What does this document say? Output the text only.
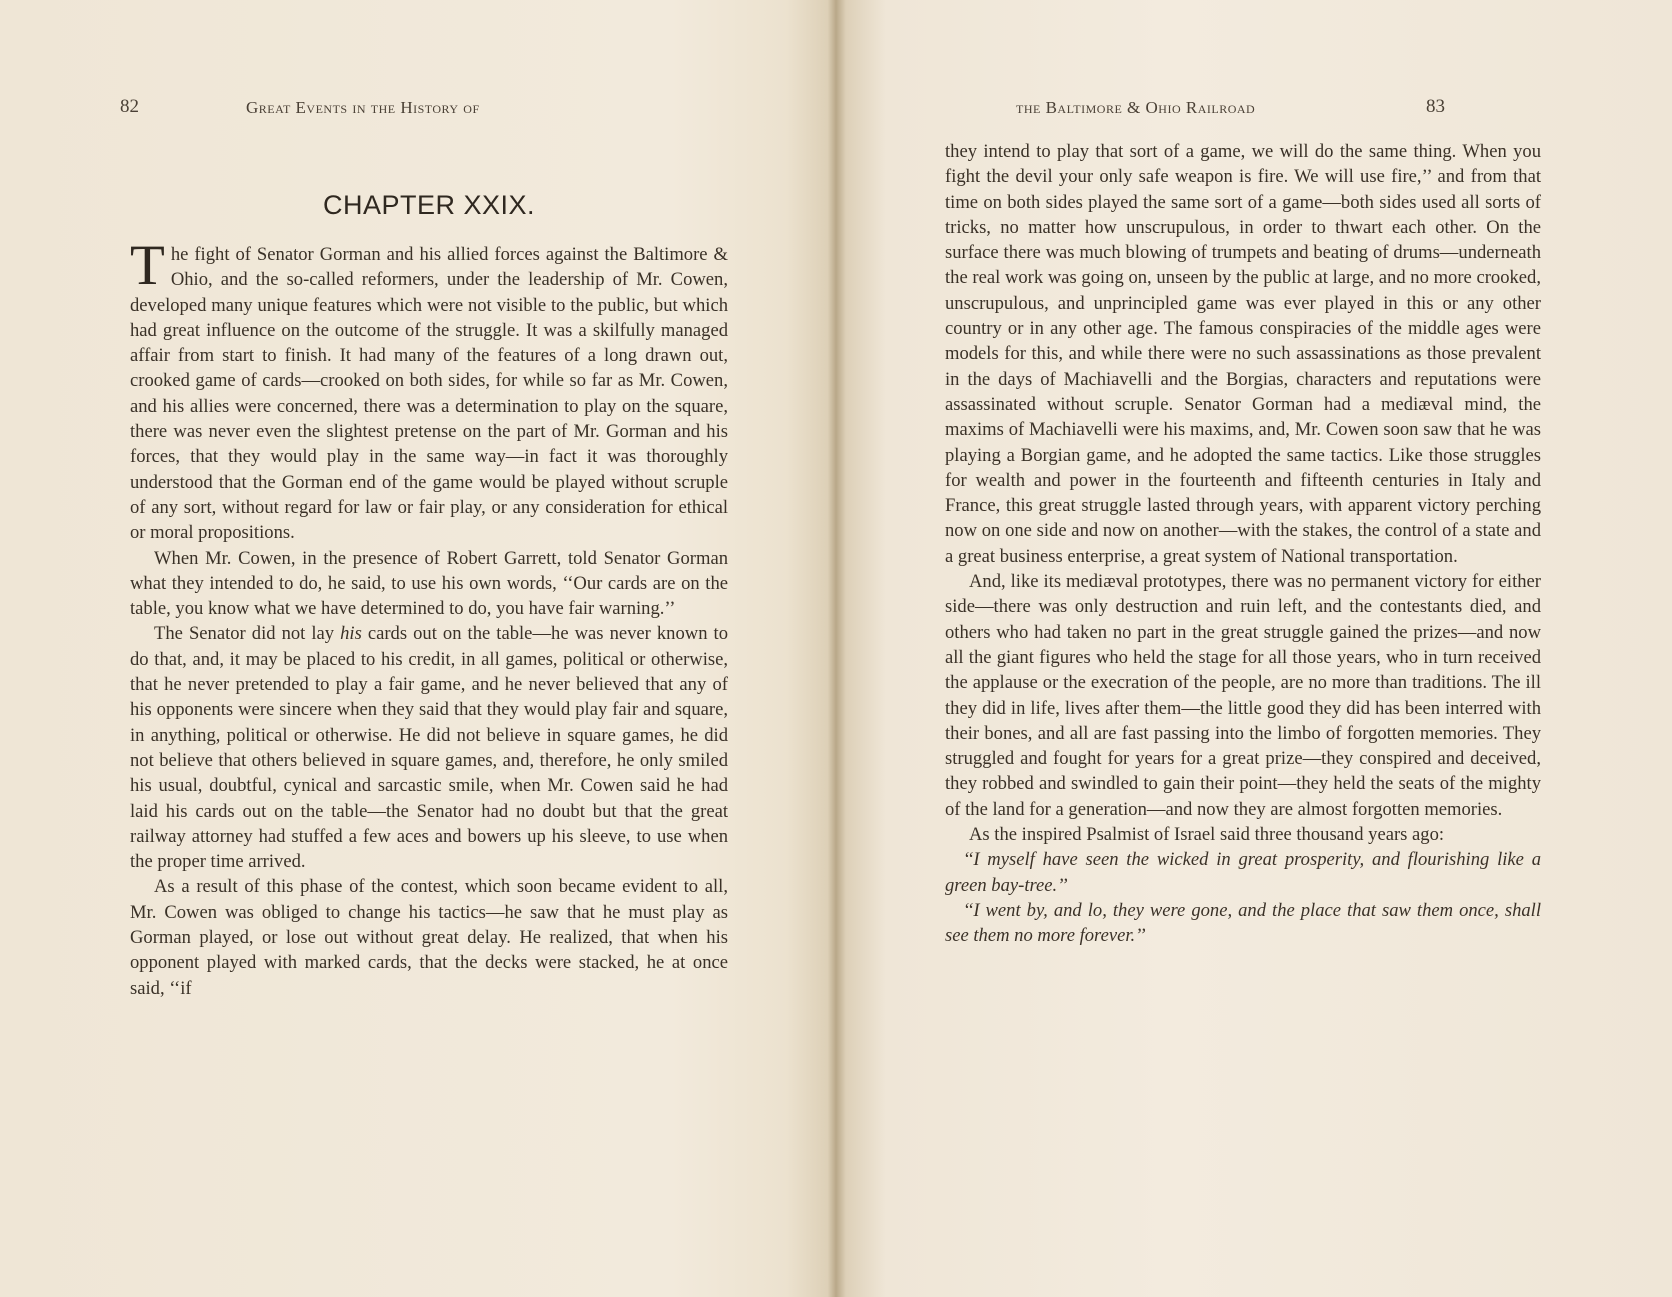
82	Great Events in the History of
CHAPTER XXIX.

The fight of Senator Gorman and his allied forces against the Baltimore & Ohio, and the so-called reformers, under the leadership of Mr. Cowen, developed many unique features which were not visible to the public, but which had great influence on the outcome of the struggle. It was a skilfully managed affair from start to finish. It had many of the features of a long drawn out, crooked game of cards—crooked on both sides, for while so far as Mr. Cowen, and his allies were concerned, there was a determination to play on the square, there was never even the slightest pretense on the part of Mr. Gorman and his forces, that they would play in the same way—in fact it was thoroughly understood that the Gorman end of the game would be played without scruple of any sort, without regard for law or fair play, or any consideration for ethical or moral propositions.

When Mr. Cowen, in the presence of Robert Garrett, told Senator Gorman what they intended to do, he said, to use his own words, ‘‘Our cards are on the table, you know what we have determined to do, you have fair warning.’’

The Senator did not lay his cards out on the table—he was never known to do that, and, it may be placed to his credit, in all games, political or otherwise, that he never pretended to play a fair game, and he never believed that any of his opponents were sincere when they said that they would play fair and square, in anything, political or otherwise. He did not believe in square games, he did not believe that others believed in square games, and, therefore, he only smiled his usual, doubtful, cynical and sarcastic smile, when Mr. Cowen said he had laid his cards out on the table—the Senator had no doubt but that the great railway attorney had stuffed a few aces and bowers up his sleeve, to use when the proper time arrived.

As a result of this phase of the contest, which soon became evident to all, Mr. Cowen was obliged to change his tactics—he saw that he must play as Gorman played, or lose out without great delay. He realized, that when his opponent played with marked cards, that the decks were stacked, he at once said, ‘‘if

the Baltimore & Ohio Railroad	83

they intend to play that sort of a game, we will do the same thing. When you fight the devil your only safe weapon is fire. We will use fire,’’ and from that time on both sides played the same sort of a game—both sides used all sorts of tricks, no matter how unscrupulous, in order to thwart each other. On the surface there was much blowing of trumpets and beating of drums—underneath the real work was going on, unseen by the public at large, and no more crooked, unscrupulous, and unprincipled game was ever played in this or any other country or in any other age. The famous conspiracies of the middle ages were models for this, and while there were no such assassinations as those prevalent in the days of Machiavelli and the Borgias, characters and reputations were assassinated without scruple. Senator Gorman had a mediæval mind, the maxims of Machiavelli were his maxims, and, Mr. Cowen soon saw that he was playing a Borgian game, and he adopted the same tactics. Like those struggles for wealth and power in the fourteenth and fifteenth centuries in Italy and France, this great struggle lasted through years, with apparent victory perching now on one side and now on another—with the stakes, the control of a state and a great business enterprise, a great system of National transportation.

And, like its mediæval prototypes, there was no permanent victory for either side—there was only destruction and ruin left, and the contestants died, and others who had taken no part in the great struggle gained the prizes—and now all the giant figures who held the stage for all those years, who in turn received the applause or the execration of the people, are no more than traditions. The ill they did in life, lives after them—the little good they did has been interred with their bones, and all are fast passing into the limbo of forgotten memories. They struggled and fought for years for a great prize—they conspired and deceived, they robbed and swindled to gain their point—they held the seats of the mighty of the land for a generation—and now they are almost forgotten memories.

As the inspired Psalmist of Israel said three thousand years ago:

‘‘I myself have seen the wicked in great prosperity, and flourishing like a green bay-tree.’’

‘‘I went by, and lo, they were gone, and the place that saw them once, shall see them no more forever.’’
